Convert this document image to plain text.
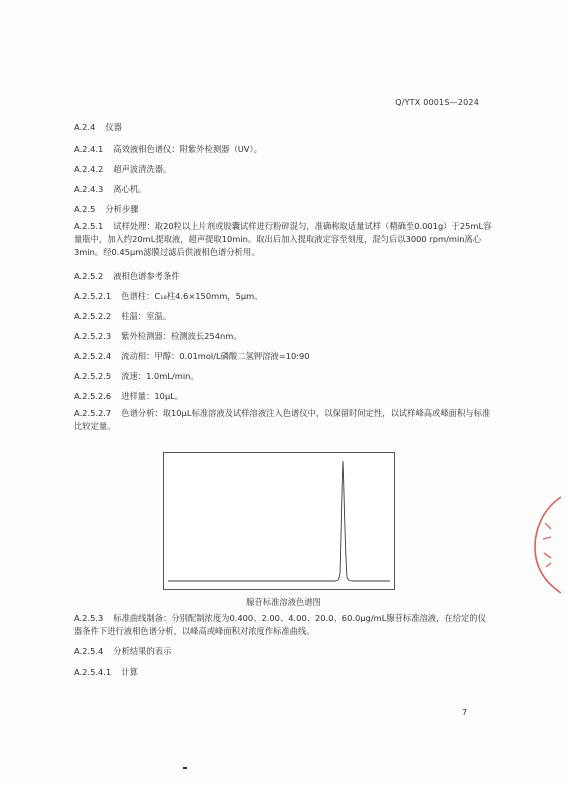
Q/YTX 0001S—2024
A.2.4 仪器
A.2.4.1 高效液相色谱仪：附紫外检测器（UV）。
A.2.4.2 超声波清洗器。
A.2.4.3 离心机。
A.2.5 分析步骤
A.2.5.1 试样处理：取20粒以上片剂或胶囊试样进行粉碎混匀，准确称取适量试样（精确至0.001g）于25mL容量瓶中，加入约20mL提取液，超声提取10min。取出后加入提取液定容至刻度，混匀后以3000 rpm/min离心3min。经0.45μm滤膜过滤后供液相色谱分析用。
A.2.5.2 液相色谱参考条件
A.2.5.2.1 色谱柱：C₁₈柱4.6×150mm，5μm。
A.2.5.2.2 柱温：室温。
A.2.5.2.3 紫外检测器：检测波长254nm。
A.2.5.2.4 流动相：甲醇：0.01mol/L磷酸二氢钾溶液=10:90
A.2.5.2.5 流速：1.0mL/min。
A.2.5.2.6 进样量：10μL。
A.2.5.2.7 色谱分析：取10μL标准溶液及试样溶液注入色谱仪中，以保留时间定性，以试样峰高或峰面积与标准比较定量。
腺苷标准溶液色谱图
A.2.5.3 标准曲线制备：分别配制浓度为0.400、2.00、4.00、20.0、60.0μg/mL腺苷标准溶液，在给定的仪器条件下进行液相色谱分析，以峰高或峰面积对浓度作标准曲线。
A.2.5.4 分析结果的表示
A.2.5.4.1 计算
7
